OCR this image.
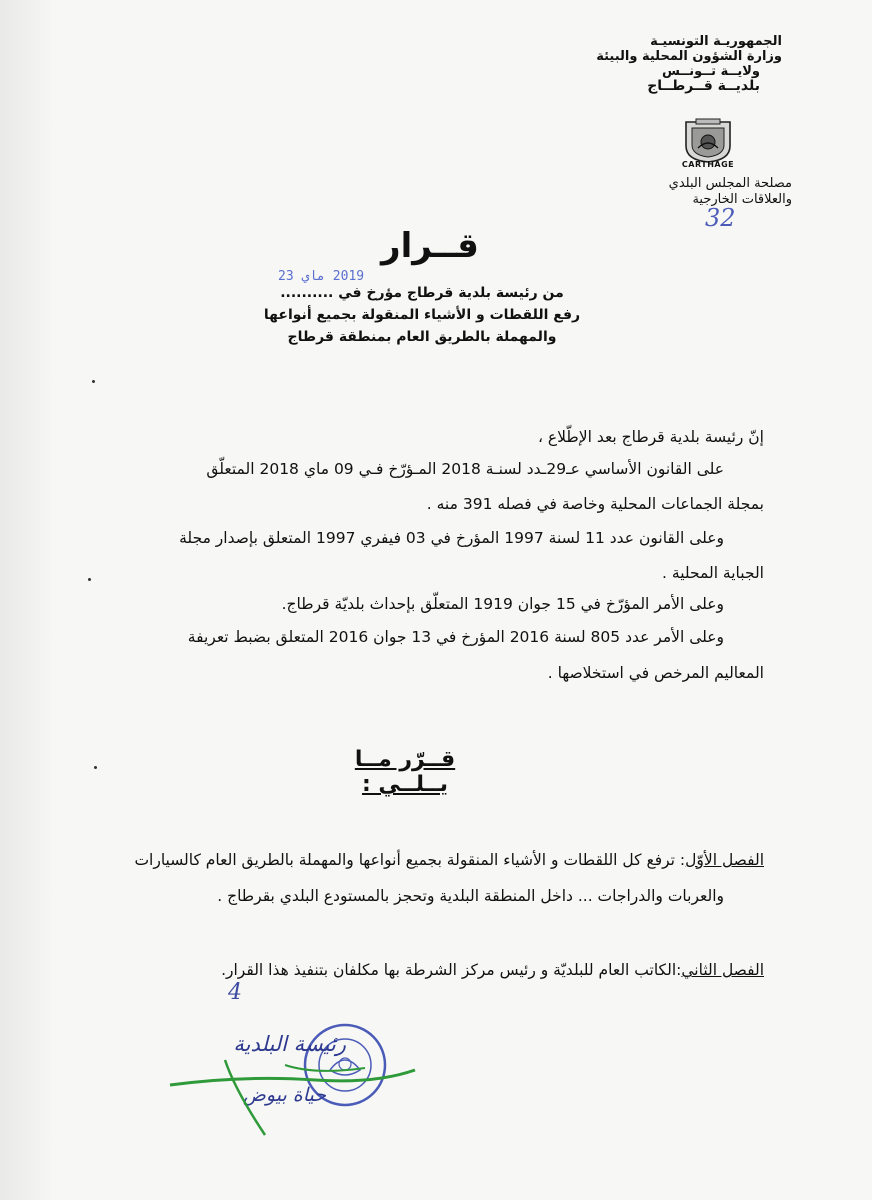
الجمهوريـة التونسيـة
وزارة الشؤون المحلية والبيئة
ولايــة تــونــس
بلديــة قــرطــاج
CARTHAGE
مصلحة المجلس البلدي
والعلاقات الخارجية
32
قــرار
2019 ماي 23
من رئيسة بلدية قرطاج مؤرخ في ..........
رفع اللقطات و الأشياء المنقولة بجميع أنواعها
والمهملة بالطريق العام بمنطقة قرطاج
إنّ رئيسة بلدية قرطاج بعد الإطّلاع ،
على القانون الأساسي عـ29ـدد لسنـة 2018 المـؤرّخ فـي 09 ماي 2018 المتعلّق
بمجلة الجماعات المحلية وخاصة في فصله 391 منه .
وعلى القانون عدد 11 لسنة 1997 المؤرخ في 03 فيفري 1997 المتعلق بإصدار مجلة
الجباية المحلية .
وعلى الأمر المؤرّخ في 15 جوان 1919 المتعلّق بإحداث بلديّة قرطاج.
وعلى الأمر عدد 805 لسنة 2016 المؤرخ في 13 جوان 2016 المتعلق بضبط تعريفة
المعاليم المرخص في استخلاصها .
قــرّر مــا يــلــي :
الفصل الأوّل: ترفع كل اللقطات و الأشياء المنقولة بجميع أنواعها والمهملة بالطريق العام كالسيارات
والعربات والدراجات ... داخل المنطقة البلدية وتحجز بالمستودع البلدي بقرطاج .
الفصل الثاني:الكاتب العام للبلديّة و رئيس مركز الشرطة بها مكلفان بتنفيذ هذا القرار.
4
رئيسة البلدية
حياة بيوض
